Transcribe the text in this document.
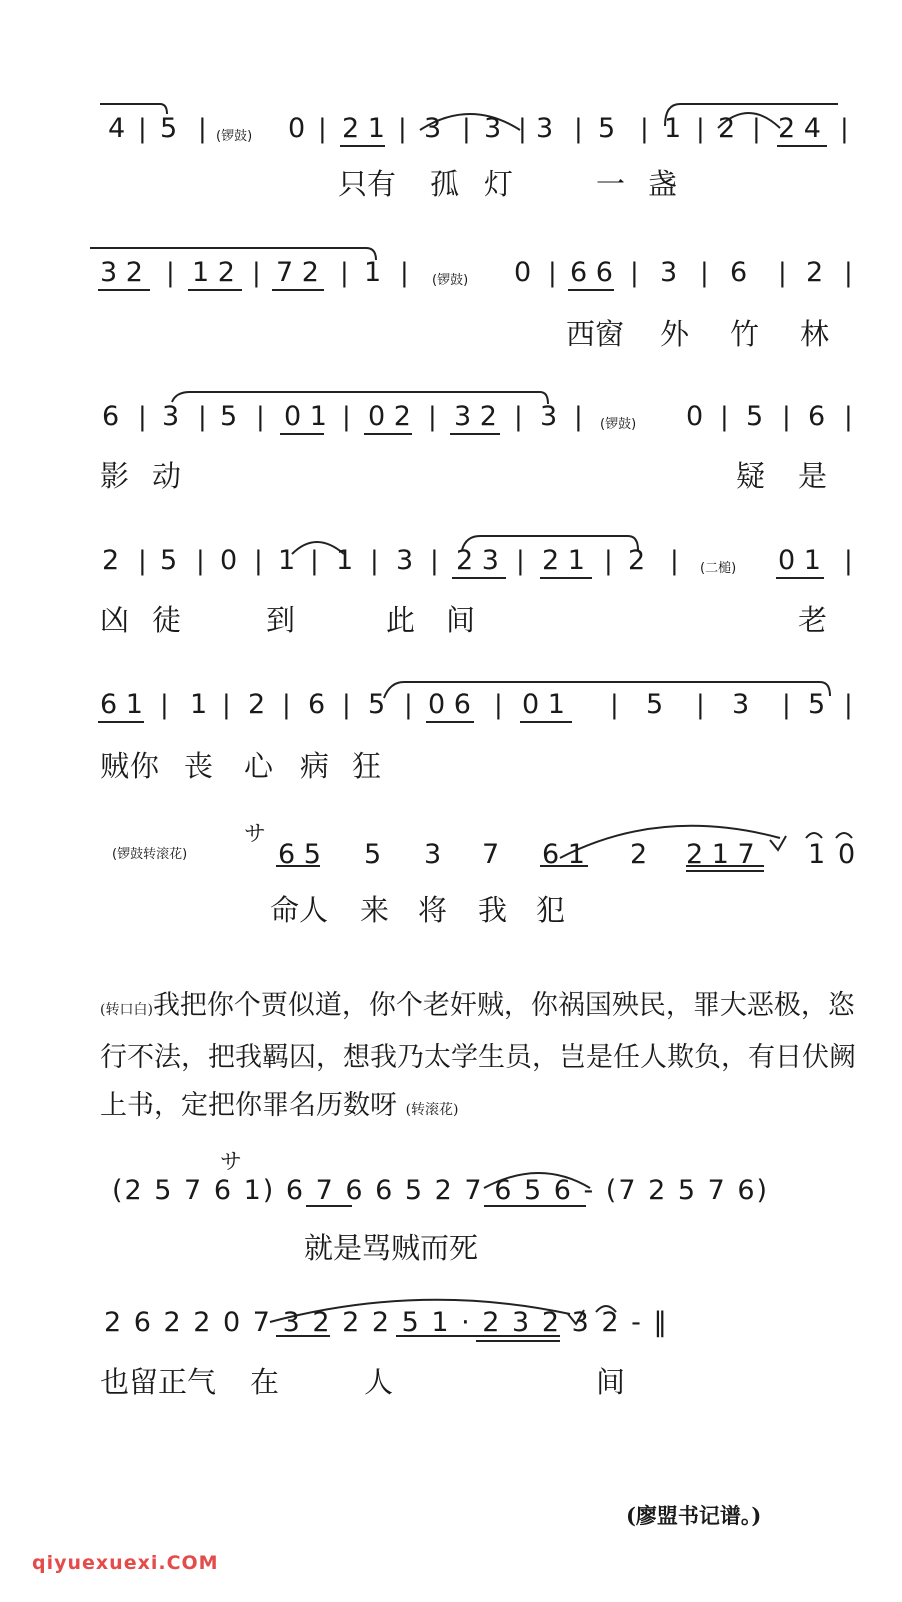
4 | 5 | (锣鼓) 0 | 2 1 | 3 | 3 | 3 | 5 | 1 | 2 | 2 4 |
只有 孤 灯	一 盏
3 2 | 1 2 | 7 2 | 1 | (锣鼓) 0 | 6 6 | 3 | 6 | 2 |
西窗 外 竹 林
6 | 3 | 5 | 0 1 | 0 2 | 3 2 | 3 | (锣鼓) 0 | 5 | 6 |
影 动	疑 是
2 | 5 | 0 | 1 | 1 | 3 | 2 3 | 2 1 | 2 | (二槌) 0 1 |
凶 徒	到	此 间	老
6 1 | 1 | 2 | 6 | 5 | 0 6 | 0 1 | 5 | 3 | 5 |
贼 你 丧 心 病 狂
(锣鼓转滚花)
サ
6 5 5 3 7 6 1 2 2 1 7 1 0
命人 来 将 我 犯
(转口白)我把你个贾似道，你个老奸贼，你祸国殃民，罪大恶极，恣行不法，把我羁囚，想我乃太学生员，岂是任人欺负，有日伏阙上书，定把你罪名历数呀 (转滚花)
サ
(2 5 7 6 1) 6 7 6 6 5 2 7 6 5 6 - (7 2 5 7 6)
就是骂贼而死
2 6 2 2 0 7 3 2 2 2 5 1 · 2 3 2 3 2 - ‖
也留正气 在	人	间
(廖盟书记谱。)
qiyuexuexi.COM
